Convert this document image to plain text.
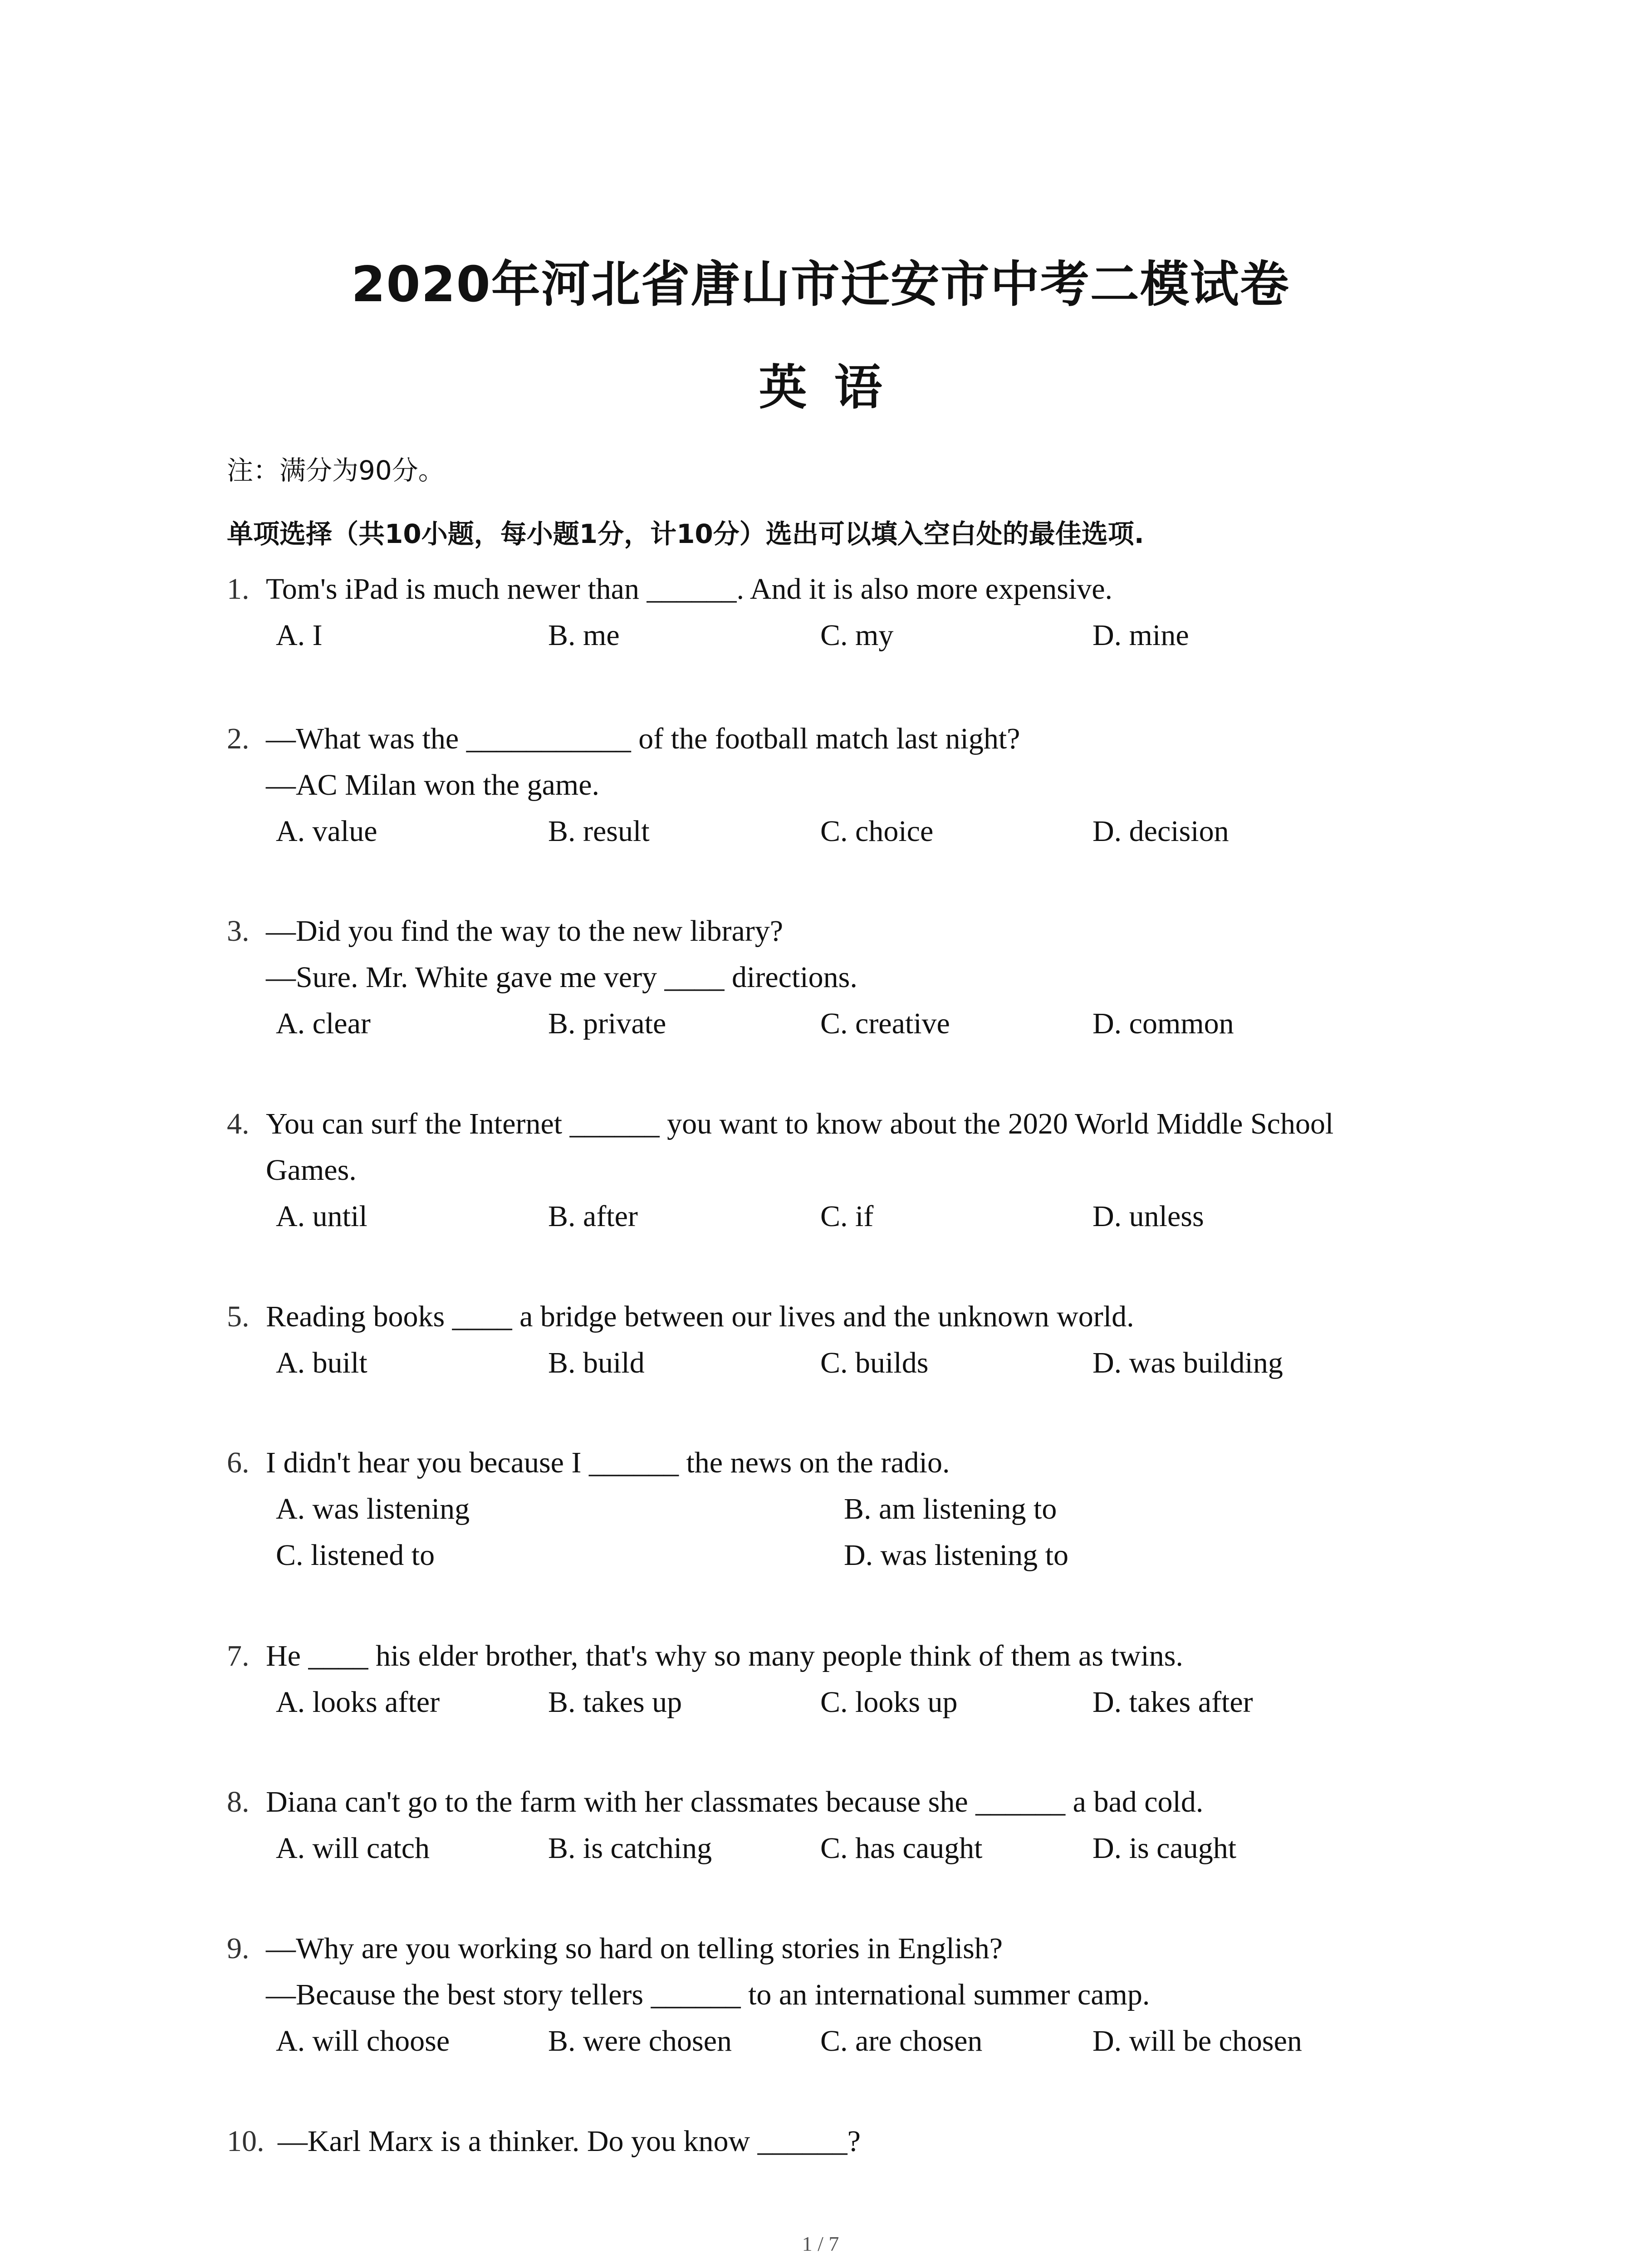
2020年河北省唐山市迁安市中考二模试卷
英语
注：满分为90分。
单项选择（共10小题，每小题1分，计10分）选出可以填入空白处的最佳选项.
1. Tom's iPad is much newer than ______. And it is also more expensive.
A. I	B. me	C. my	D. mine
2. —What was the ___________ of the football match last night?
—AC Milan won the game.
A. value	B. result	C. choice	D. decision
3. —Did you find the way to the new library?
—Sure. Mr. White gave me very ____ directions.
A. clear	B. private	C. creative	D. common
4. You can surf the Internet ______ you want to know about the 2020 World Middle School
Games.
A. until	B. after	C. if	D. unless
5. Reading books ____ a bridge between our lives and the unknown world.
A. built	B. build	C. builds	D. was building
6. I didn't hear you because I ______ the news on the radio.
A. was listening	B. am listening to
C. listened to	D. was listening to
7. He ____ his elder brother, that's why so many people think of them as twins.
A. looks after	B. takes up	C. looks up	D. takes after
8. Diana can't go to the farm with her classmates because she ______ a bad cold.
A. will catch	B. is catching	C. has caught	D. is caught
9. —Why are you working so hard on telling stories in English?
—Because the best story tellers ______ to an international summer camp.
A. will choose	B. were chosen	C. are chosen	D. will be chosen
10. —Karl Marx is a thinker. Do you know ______?
1 / 7
